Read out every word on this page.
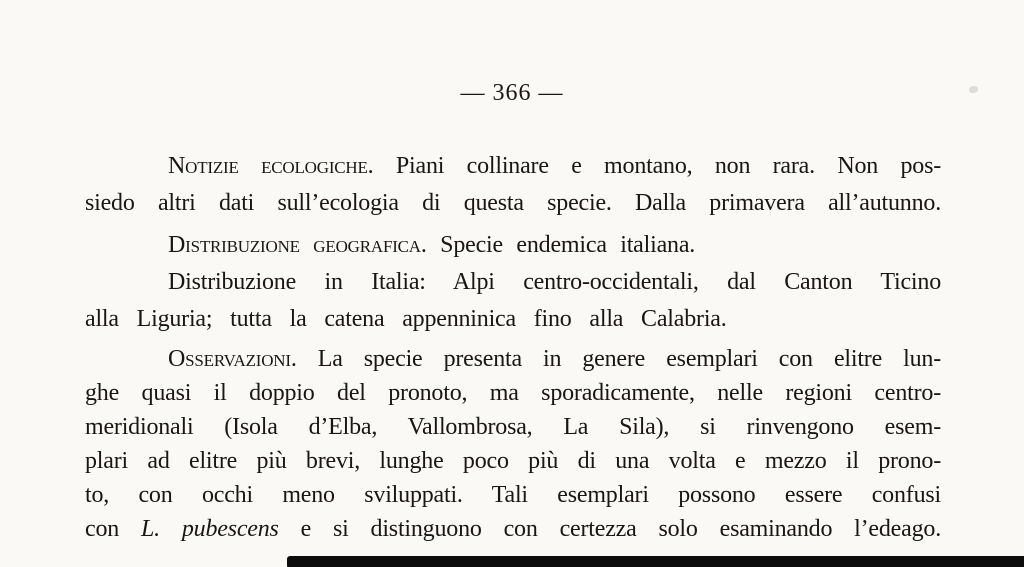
— 366 —
Notizie ecologiche. Piani collinare e montano, non rara. Non pos-
siedo altri dati sull’ecologia di questa specie. Dalla primavera all’autunno.
Distribuzione geografica. Specie endemica italiana.
Distribuzione in Italia: Alpi centro-occidentali, dal Canton Ticino
alla Liguria; tutta la catena appenninica fino alla Calabria.
Osservazioni. La specie presenta in genere esemplari con elitre lun-
ghe quasi il doppio del pronoto, ma sporadicamente, nelle regioni centro-
meridionali (Isola d’Elba, Vallombrosa, La Sila), si rinvengono esem-
plari ad elitre più brevi, lunghe poco più di una volta e mezzo il prono-
to, con occhi meno sviluppati. Tali esemplari possono essere confusi
con L. pubescens e si distinguono con certezza solo esaminando l’edeago.
